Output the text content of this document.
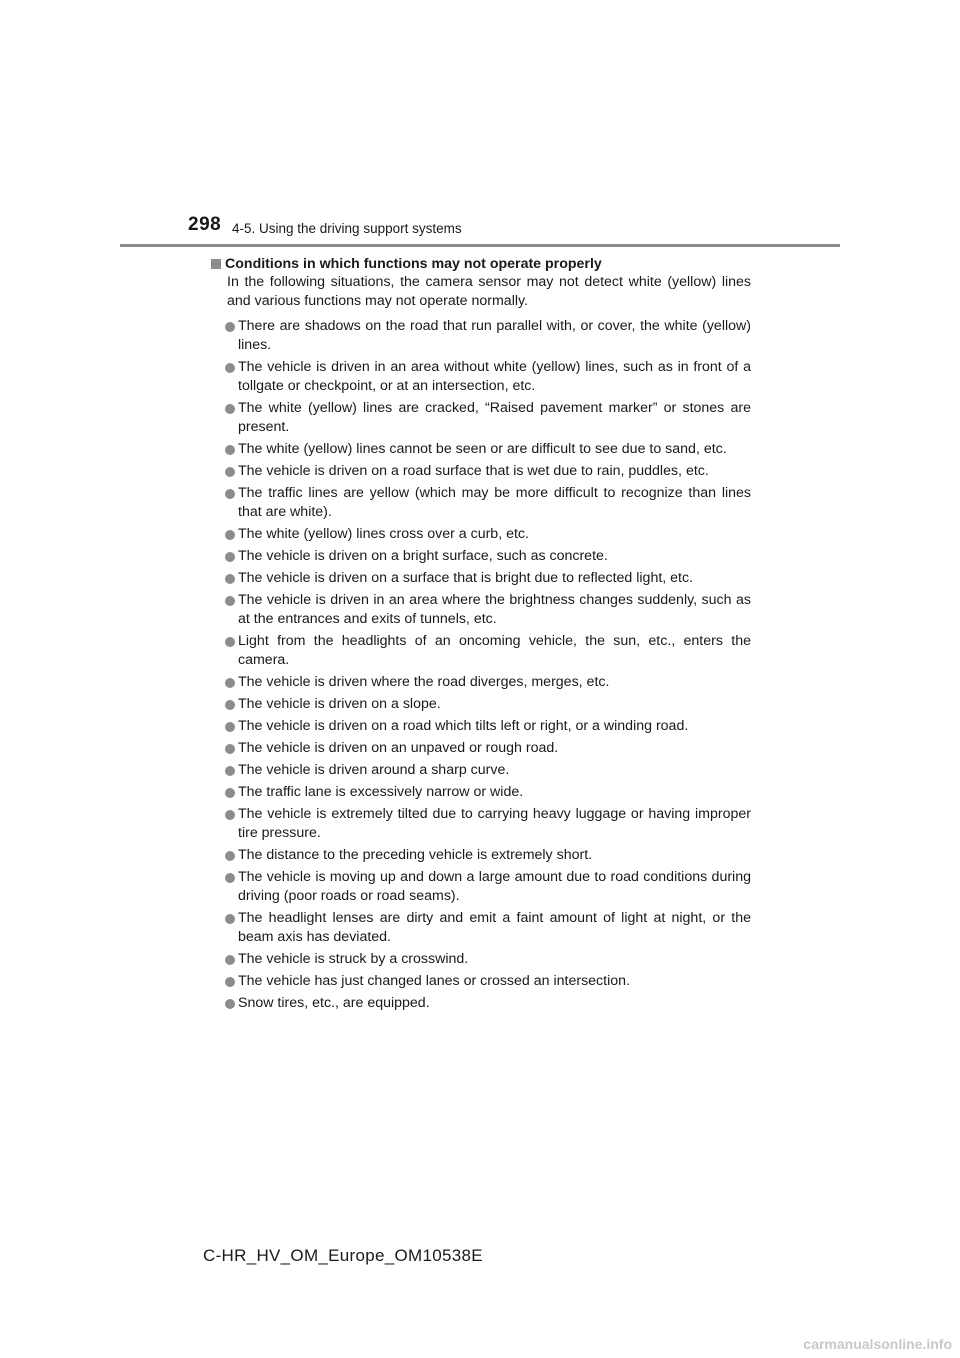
298 4-5. Using the driving support systems
Conditions in which functions may not operate properly
In the following situations, the camera sensor may not detect white (yellow) lines and various functions may not operate normally.
There are shadows on the road that run parallel with, or cover, the white (yellow) lines.
The vehicle is driven in an area without white (yellow) lines, such as in front of a tollgate or checkpoint, or at an intersection, etc.
The white (yellow) lines are cracked, “Raised pavement marker” or stones are present.
The white (yellow) lines cannot be seen or are difficult to see due to sand, etc.
The vehicle is driven on a road surface that is wet due to rain, puddles, etc.
The traffic lines are yellow (which may be more difficult to recognize than lines that are white).
The white (yellow) lines cross over a curb, etc.
The vehicle is driven on a bright surface, such as concrete.
The vehicle is driven on a surface that is bright due to reflected light, etc.
The vehicle is driven in an area where the brightness changes suddenly, such as at the entrances and exits of tunnels, etc.
Light from the headlights of an oncoming vehicle, the sun, etc., enters the camera.
The vehicle is driven where the road diverges, merges, etc.
The vehicle is driven on a slope.
The vehicle is driven on a road which tilts left or right, or a winding road.
The vehicle is driven on an unpaved or rough road.
The vehicle is driven around a sharp curve.
The traffic lane is excessively narrow or wide.
The vehicle is extremely tilted due to carrying heavy luggage or having improper tire pressure.
The distance to the preceding vehicle is extremely short.
The vehicle is moving up and down a large amount due to road conditions during driving (poor roads or road seams).
The headlight lenses are dirty and emit a faint amount of light at night, or the beam axis has deviated.
The vehicle is struck by a crosswind.
The vehicle has just changed lanes or crossed an intersection.
Snow tires, etc., are equipped.
C-HR_HV_OM_Europe_OM10538E
carmanualsonline.info
